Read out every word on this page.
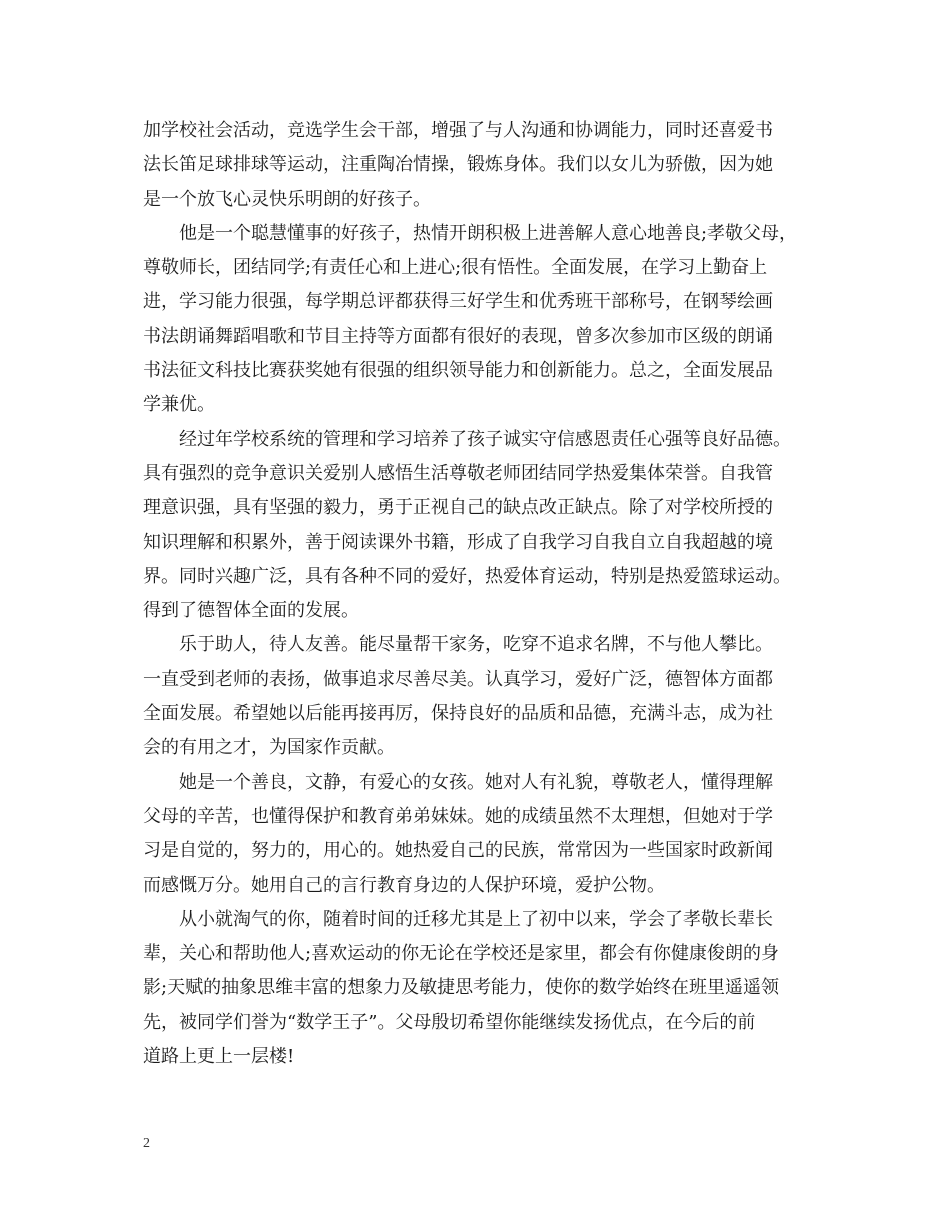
加学校社会活动，竞选学生会干部，增强了与人沟通和协调能力，同时还喜爱书
法长笛足球排球等运动，注重陶冶情操，锻炼身体。我们以女儿为骄傲，因为她
是一个放飞心灵快乐明朗的好孩子。
他是一个聪慧懂事的好孩子，热情开朗积极上进善解人意心地善良;孝敬父母，
尊敬师长，团结同学;有责任心和上进心;很有悟性。全面发展，在学习上勤奋上
进，学习能力很强，每学期总评都获得三好学生和优秀班干部称号，在钢琴绘画
书法朗诵舞蹈唱歌和节目主持等方面都有很好的表现，曾多次参加市区级的朗诵
书法征文科技比赛获奖她有很强的组织领导能力和创新能力。总之，全面发展品
学兼优。
经过年学校系统的管理和学习培养了孩子诚实守信感恩责任心强等良好品德。
具有强烈的竞争意识关爱别人感悟生活尊敬老师团结同学热爱集体荣誉。自我管
理意识强，具有坚强的毅力，勇于正视自己的缺点改正缺点。除了对学校所授的
知识理解和积累外，善于阅读课外书籍，形成了自我学习自我自立自我超越的境
界。同时兴趣广泛，具有各种不同的爱好，热爱体育运动，特别是热爱篮球运动。
得到了德智体全面的发展。
乐于助人，待人友善。能尽量帮干家务，吃穿不追求名牌，不与他人攀比。
一直受到老师的表扬，做事追求尽善尽美。认真学习，爱好广泛，德智体方面都
全面发展。希望她以后能再接再厉，保持良好的品质和品德，充满斗志，成为社
会的有用之才，为国家作贡献。
她是一个善良，文静，有爱心的女孩。她对人有礼貌，尊敬老人，懂得理解
父母的辛苦，也懂得保护和教育弟弟妹妹。她的成绩虽然不太理想，但她对于学
习是自觉的，努力的，用心的。她热爱自己的民族，常常因为一些国家时政新闻
而感慨万分。她用自己的言行教育身边的人保护环境，爱护公物。
从小就淘气的你，随着时间的迁移尤其是上了初中以来，学会了孝敬长辈长
辈，关心和帮助他人;喜欢运动的你无论在学校还是家里，都会有你健康俊朗的身
影;天赋的抽象思维丰富的想象力及敏捷思考能力，使你的数学始终在班里遥遥领
先，被同学们誉为“数学王子”。父母殷切希望你能继续发扬优点，在今后的前
道路上更上一层楼!
2
